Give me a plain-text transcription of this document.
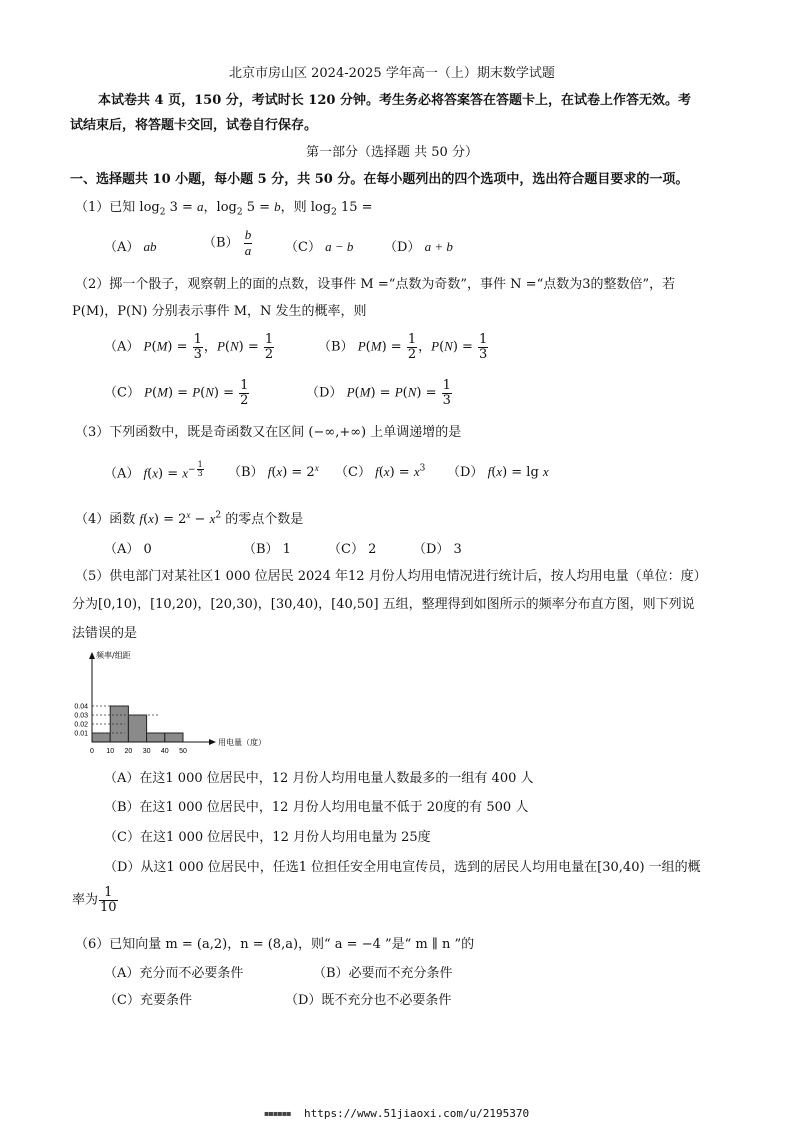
北京市房山区 2024-2025 学年高一（上）期末数学试题
本试卷共 4 页，150 分，考试时长 120 分钟。考生务必将答案答在答题卡上，在试卷上作答无效。考
试结束后，将答题卡交回，试卷自行保存。
第一部分（选择题 共 50 分）
一、选择题共 10 小题，每小题 5 分，共 50 分。在每小题列出的四个选项中，选出符合题目要求的一项。
（1）已知 $\log_2 3 = a$，$\log_2 5 = b$，则 $\log_2 15$ =
（A） ab	$(B) \frac{b}{a}$	（C） a − b （D） a + b
（2）掷一个骰子，观察朝上的面的点数，设事件 M =“点数为奇数”，事件 N =“点数为3的整数倍”，若
P(M)，P(N) 分别表示事件 M，N 发生的概率，则
（A） $P(M) = \frac{1}{3}$ ，$P(N) = \frac{1}{2}$	（B） $P(M) = \frac{1}{2}$ ，$P(N) = \frac{1}{3}$
（C） $P(M) = P(N) = \frac{1}{2}$	（D） $P(M) = P(N) = \frac{1}{3}$
（3）下列函数中，既是奇函数又在区间 (−∞,+∞) 上单调递增的是
（A） $f(x) = x^{- \frac{1}{3}}$ （B） $f(x) = 2^x$ （C） $f(x) = x^3$ （D） f(x) = lg x
（4）函数 $f(x) = 2^x - x^2$ 的零点个数是
（A） 0	（B） 1	（C） 2	（D） 3
（5）供电部门对某社区1 000 位居民 2024 年12 月份人均用电情况进行统计后，按人均用电量（单位：度）
分为[0,10)，[10,20)，[20,30)，[30,40)，[40,50] 五组，整理得到如图所示的频率分布直方图，则下列说
法错误的是
0 10 20 30 40 50
0.04
0.03
0.02
0.01
频率/组距
用电量（度）
（A）在这1 000 位居民中，12 月份人均用电量人数最多的一组有 400 人
（B）在这1 000 位居民中，12 月份人均用电量不低于 20度的有 500 人
（C）在这1 000 位居民中，12 月份人均用电量为 25度
（D）从这1 000 位居民中，任选1 位担任安全用电宣传员，选到的居民人均用电量在[30,40) 一组的概
率为 $\frac{1}{10}$
（6）已知向量 m = (a,2)，n = (8,a)，则“ a = −4 ”是“ m ∥ n ”的
（A）充分而不必要条件	（B）必要而不充分条件
（C）充要条件	（D）既不充分也不必要条件
https://www.51jiaoxi.com/u/2195370
▪▪▪▪▪▪
